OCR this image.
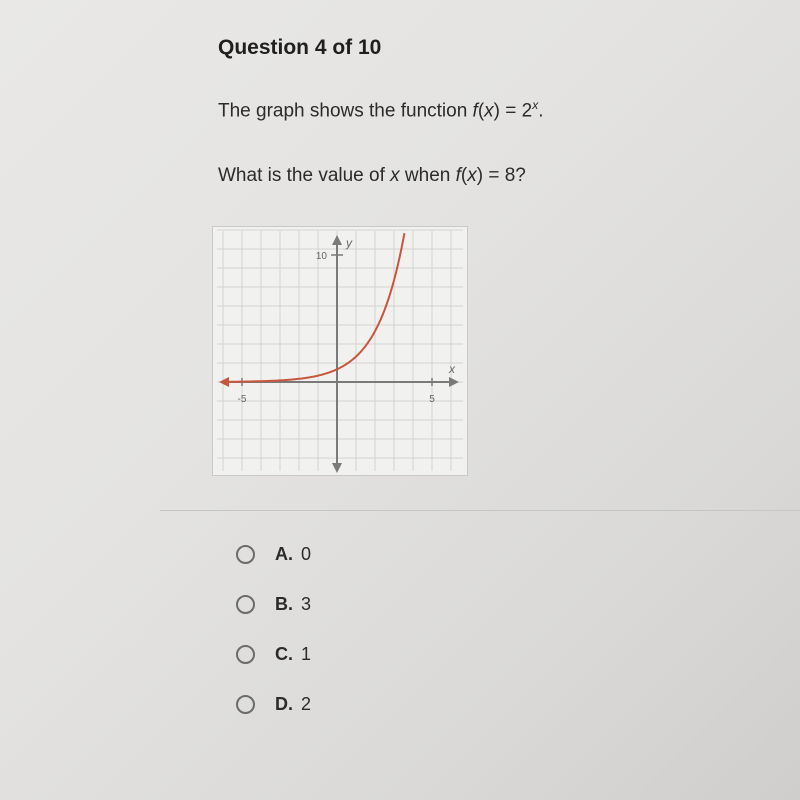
Question 4 of 10
The graph shows the function $f(x) = 2^x$.
What is the value of x when f(x) = 8?
10
y
x
-5	5
A. 0
B. 3
C. 1
D. 2
